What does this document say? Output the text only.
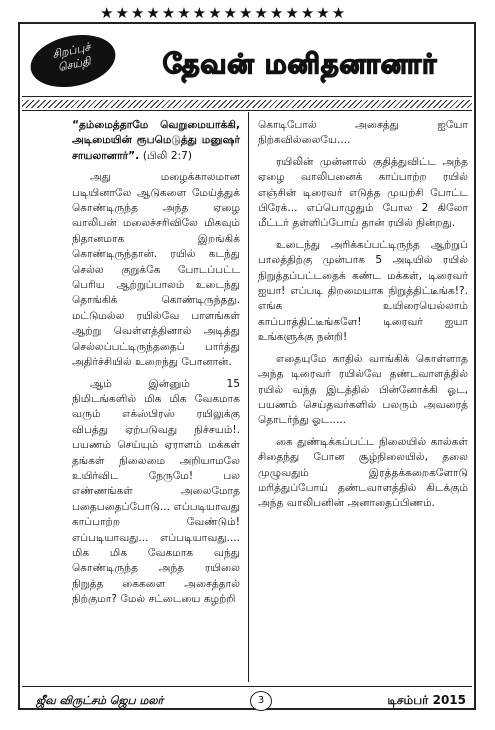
★★★★★★★★★★★★★★★★
சிறப்புச் செய்தி	தேவன் மனிதனானார்

“தம்மைத்தாமே வெறுமையாக்கி, அடிமையின் ரூபமெடுத்து மனுஷர் சாயலானார்”. (பிலி 2:7)

அது மழைக்காலமான படியினாலே ஆடுகளை மேய்த்துக் கொண்டிருந்த அந்த ஏழை வாலிபன் மலைச்சரிவிலே மிகவும் நிதானமாக இறங்கிக் கொண்டிருந்தான். ரயில் கடந்து செல்ல குறுக்கே போடப்பட்ட பெரிய ஆற்றுப்பாலம் உடைந்து தொங்கிக் கொண்டிருந்தது. மட்டுமல்ல ரயில்வே பாளங்கள் ஆற்று வெள்ளத்தினால் அடித்து செல்லப்பட்டிருந்ததைப் பார்த்து அதிர்ச்சியில் உறைந்து போனான்.

ஆம் இன்னும் 15 நிமிடங்களில் மிக மிக வேகமாக வரும் எக்ஸ்பிரஸ் ரயிலுக்கு விபத்து ஏற்படுவது நிச்சயம்!. பயணம் செய்யும் ஏராளம் மக்கள் தங்கள் நிலைமை அறியாமலே உயிர்விட நேருமே! பல எண்ணங்கள் அலைமோத பதைபதைப்போடு... எப்படியாவது காப்பாற்ற வேண்டும்! எப்படியாவது... எப்படியாவது.... மிக மிக வேகமாக வந்து கொண்டிருந்த அந்த ரயிலை நிறுத்த கைகளை அசைத்தால் நிற்குமா? மேல் சட்டையை கழற்றி

கொடிபோல் அசைத்து ஐயோ நிற்கவில்லையே....

ரயிலின் முன்னால் குதித்துவிட்ட அந்த ஏழை வாலிபனைக் காப்பாற்ற ரயில் எஞ்சின் டிரைவர் எடுத்த முயற்சி போட்ட பிரேக்... எப்பொழுதும் போல 2 கிலோ மீட்டர் தள்ளிப்போய் தான் ரயில் நின்றது.

உடைந்து அரிக்கப்பட்டிருந்த ஆற்றுப் பாலத்திற்கு முன்பாக 5 அடியில் ரயில் நிறுத்தப்பட்டதைக் கண்ட மக்கள், டிரைவர் ஐயா! எப்படி திறமையாக நிறுத்திட்டீங்க!?. எங்க உயிரையெல்லாம் காப்பாத்திட்டீங்களே! டிரைவர் ஐயா உங்களுக்கு நன்றி!

எதையுமே காதில் வாங்கிக் கொள்ளாத அந்த டிரைவர் ரயில்வே தண்டவாளத்தில் ரயில் வந்த இடத்தில் பின்னோக்கி ஓட, பயணம் செய்தவர்களில் பலரும் அவரைத் தொடர்ந்து ஓட.....

கை துண்டிக்கப்பட்ட நிலையில் கால்கள் சிதைந்து போன சூழ்நிலையில், தலை முழுவதும் இரத்தக்கறைகளோடு மரித்துப்போய் தண்டவாளத்தில் கிடக்கும் அந்த வாலிபனின் அனாதைப்பிணம்.

ஜீவ விருட்சம் ஜெப மலர்	3	டிசம்பர் 2015
